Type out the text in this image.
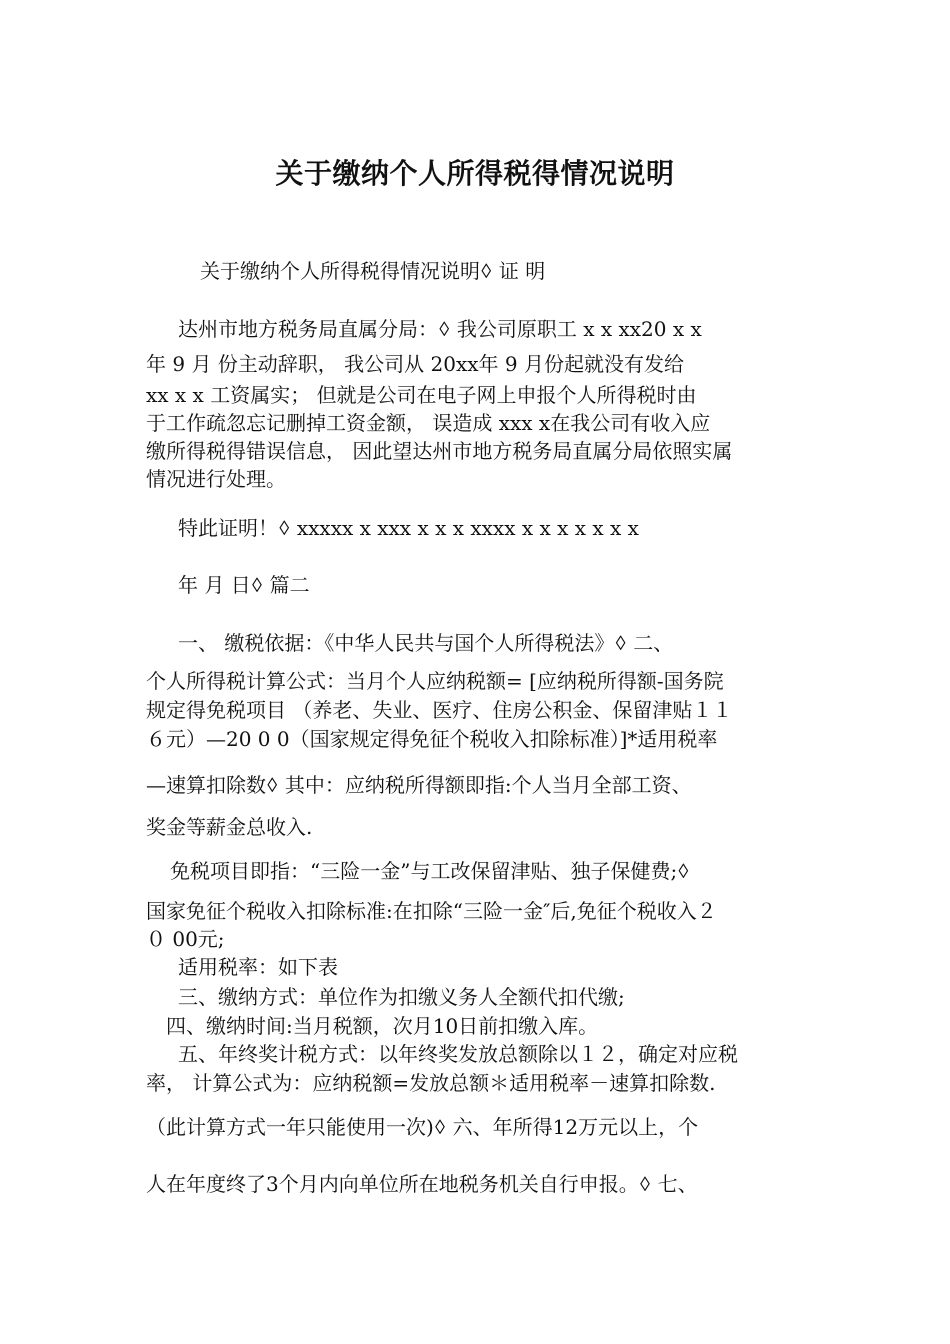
关于缴纳个人所得税得情况说明
关于缴纳个人所得税得情况说明ꕺ 证 明
达州市地方税务局直属分局：ꕺ 我公司原职工 x x xx20 x x
年 9 月 份主动辞职， 我公司从 20xx年 9 月份起就没有发给
xx x x 工资属实； 但就是公司在电子网上申报个人所得税时由
于工作疏忽忘记删掉工资金额， 误造成 xxx x在我公司有收入应
缴所得税得错误信息， 因此望达州市地方税务局直属分局依照实属
情况进行处理。
特此证明！ꕺ xxxxx x xxx x x x xxxx x x x x x x x
年 月 日ꕺ 篇二
一、 缴税依据：《中华人民共与国个人所得税法》ꕺ 二、
个人所得税计算公式：当月个人应纳税额= [应纳税所得额-国务院
规定得免税项目 （养老、失业、医疗、住房公积金、保留津贴１１
６元）—20 0 0（国家规定得免征个税收入扣除标准）]*适用税率
—速算扣除数ꕺ 其中：应纳税所得额即指:个人当月全部工资、
奖金等薪金总收入.
免税项目即指：“三险一金”与工改保留津贴、独子保健费;ꕺ
国家免征个税收入扣除标准:在扣除“三险一金″后,免征个税收入２
０ 00元;
适用税率：如下表
三、缴纳方式：单位作为扣缴义务人全额代扣代缴;
四、缴纳时间:当月税额，次月10日前扣缴入库。
五、年终奖计税方式：以年终奖发放总额除以１２，确定对应税
率， 计算公式为：应纳税额=发放总额＊适用税率－速算扣除数.
（此计算方式一年只能使用一次)ꕺ 六、年所得12万元以上，个
人在年度终了3个月内向单位所在地税务机关自行申报。ꕺ 七、
